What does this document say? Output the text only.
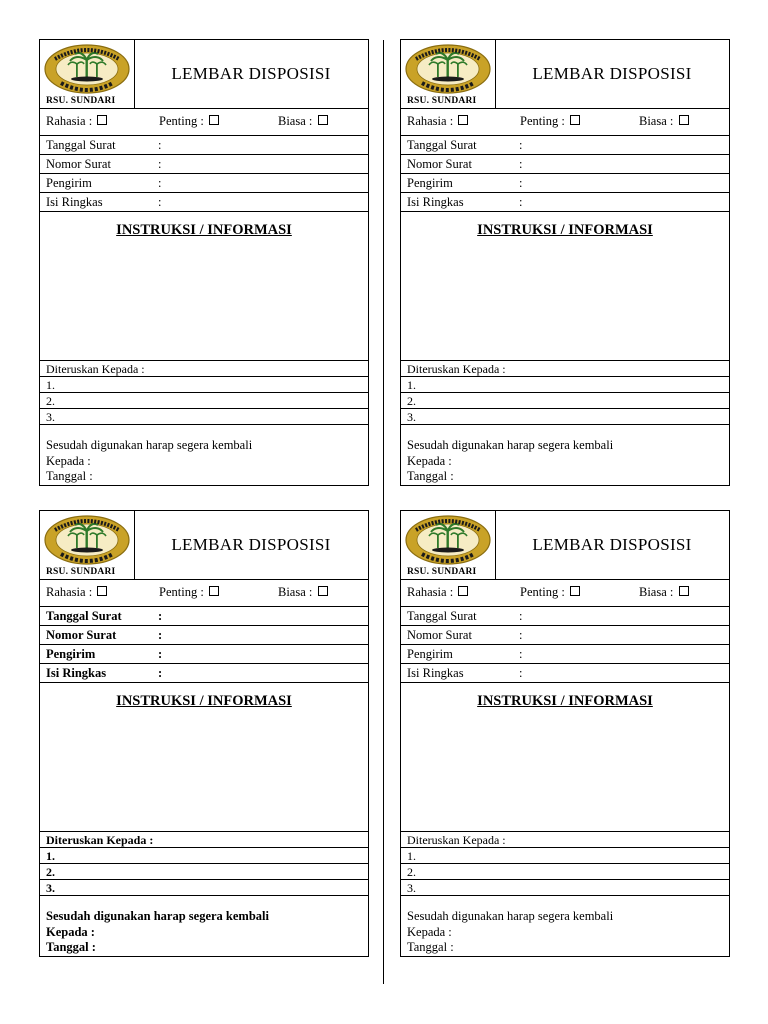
RSU. SUNDARI
LEMBAR DISPOSISI
Rahasia :	Penting :	Biasa :
Tanggal Surat	:
Nomor Surat	:
Pengirim	:
Isi Ringkas	:
INSTRUKSI / INFORMASI
Diteruskan Kepada :
1.
2.
3.
Sesudah digunakan harap segera kembali
Kepada :
Tanggal :
RSU. SUNDARI
LEMBAR DISPOSISI
Rahasia :	Penting :	Biasa :
Tanggal Surat	:
Nomor Surat	:
Pengirim	:
Isi Ringkas	:
INSTRUKSI / INFORMASI
Diteruskan Kepada :
1.
2.
3.
Sesudah digunakan harap segera kembali
Kepada :
Tanggal :
RSU. SUNDARI
LEMBAR DISPOSISI
Rahasia :	Penting :	Biasa :
Tanggal Surat	:
Nomor Surat	:
Pengirim	:
Isi Ringkas	:
INSTRUKSI / INFORMASI
Diteruskan Kepada :
1.
2.
3.
Sesudah digunakan harap segera kembali
Kepada :
Tanggal :
RSU. SUNDARI
LEMBAR DISPOSISI
Rahasia :	Penting :	Biasa :
Tanggal Surat	:
Nomor Surat	:
Pengirim	:
Isi Ringkas	:
INSTRUKSI / INFORMASI
Diteruskan Kepada :
1.
2.
3.
Sesudah digunakan harap segera kembali
Kepada :
Tanggal :
